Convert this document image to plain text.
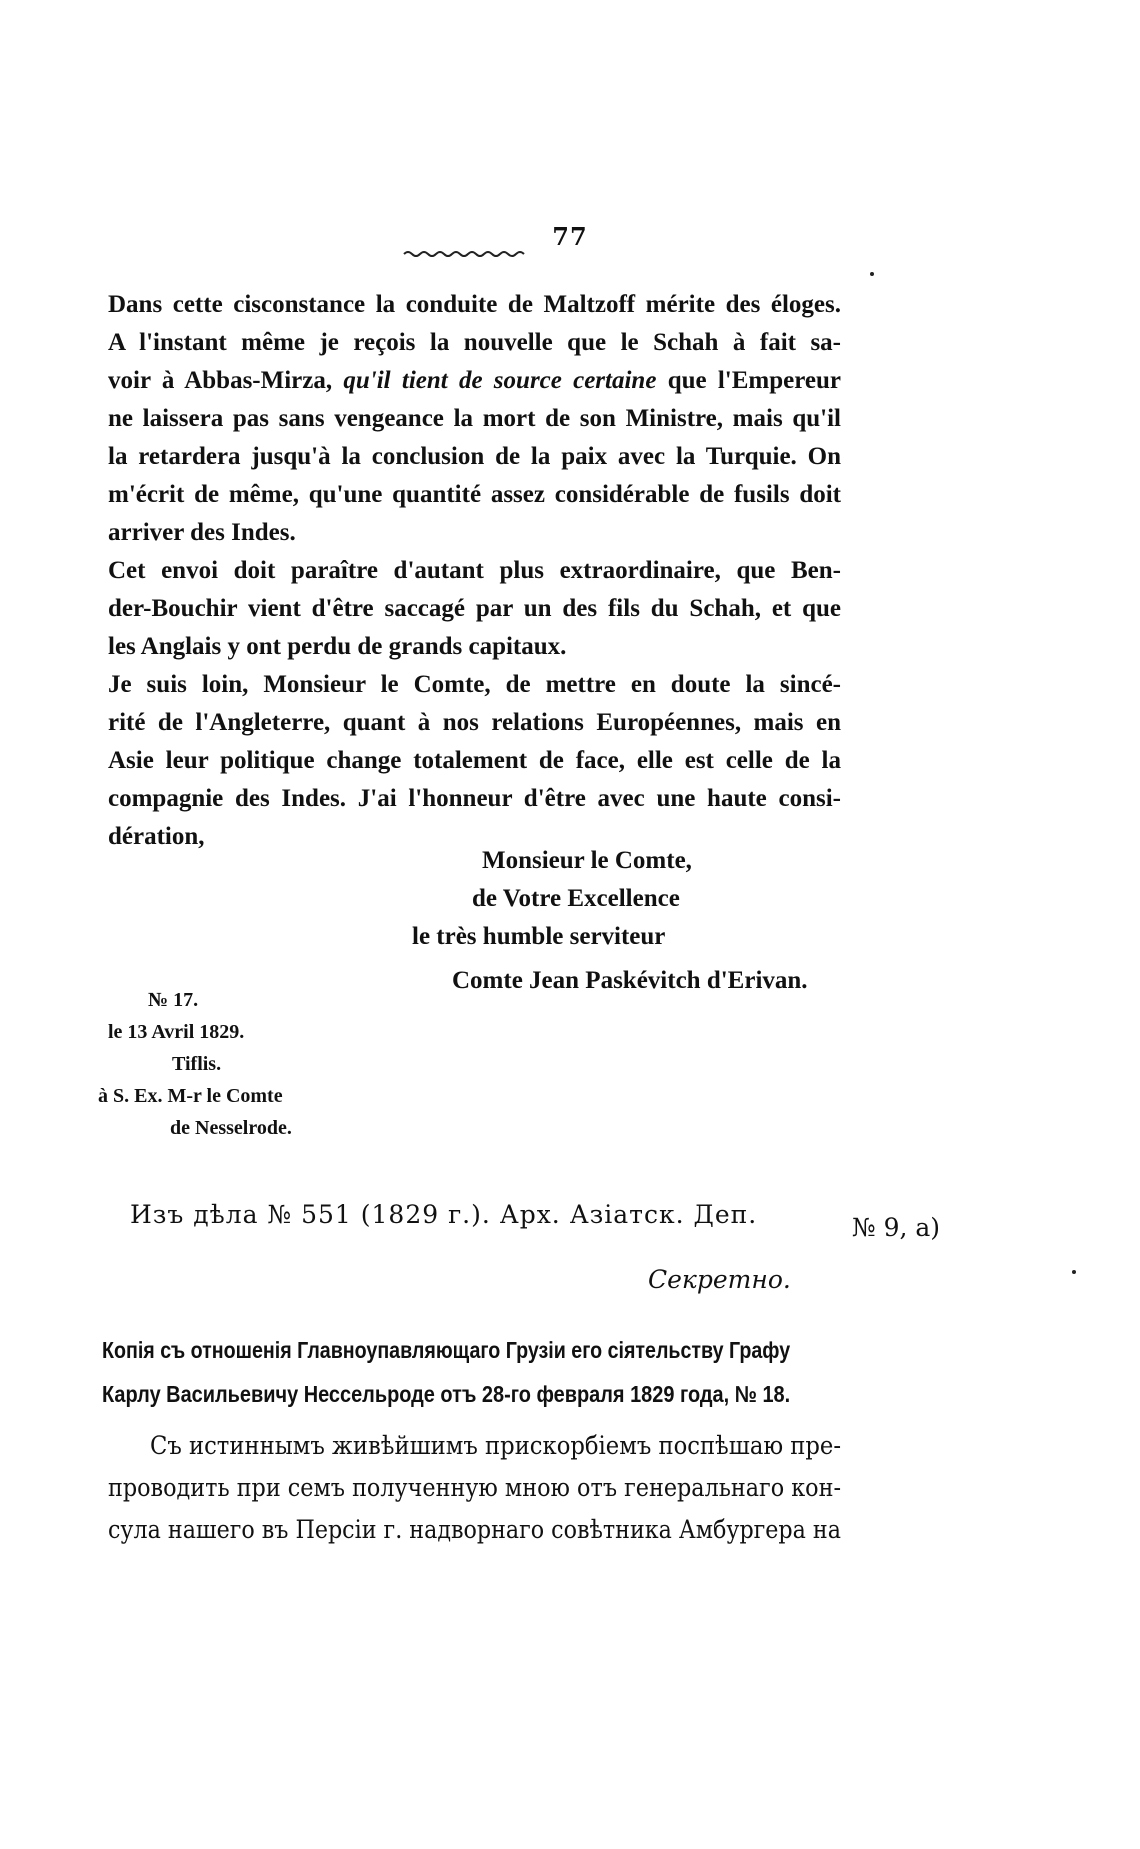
77
Dans cette cisconstance la conduite de Maltzoff mérite des éloges.
A l'instant même je reçois la nouvelle que le Schah à fait sa-
voir à Abbas-Mirza, qu'il tient de source certaine que l'Empereur
ne laissera pas sans vengeance la mort de son Ministre, mais qu'il
la retardera jusqu'à la conclusion de la paix avec la Turquie. On
m'écrit de même, qu'une quantité assez considérable de fusils doit
arriver des Indes.
Cet envoi doit paraître d'autant plus extraordinaire, que Ben-
der-Bouchir vient d'être saccagé par un des fils du Schah, et que
les Anglais y ont perdu de grands capitaux.
Je suis loin, Monsieur le Comte, de mettre en doute la sincé-
rité de l'Angleterre, quant à nos relations Européennes, mais en
Asie leur politique change totalement de face, elle est celle de la
compagnie des Indes. J'ai l'honneur d'être avec une haute consi-
dération,
Monsieur le Comte,
de Votre Excellence
le très humble serviteur
Comte Jean Paskévitch d'Erivan.
№ 17.
le 13 Avril 1829.
Tiflis.
à S. Ex. M-r le Comte
de Nesselrode.
Изъ дѣла № 551 (1829 г.). Арх. Азіатск. Деп.	№ 9, a)
Секретно.
Копія съ отношенія Главноупавляющаго Грузіи его сіятельству Графу
Карлу Васильевичу Нессельроде отъ 28-го февраля 1829 года, № 18.
Съ истиннымъ живѣйшимъ прискорбіемъ поспѣшаю пре-
проводить при семъ полученную мною отъ генеральнаго кон-
сула нашего въ Персіи г. надворнаго совѣтника Амбургера на
